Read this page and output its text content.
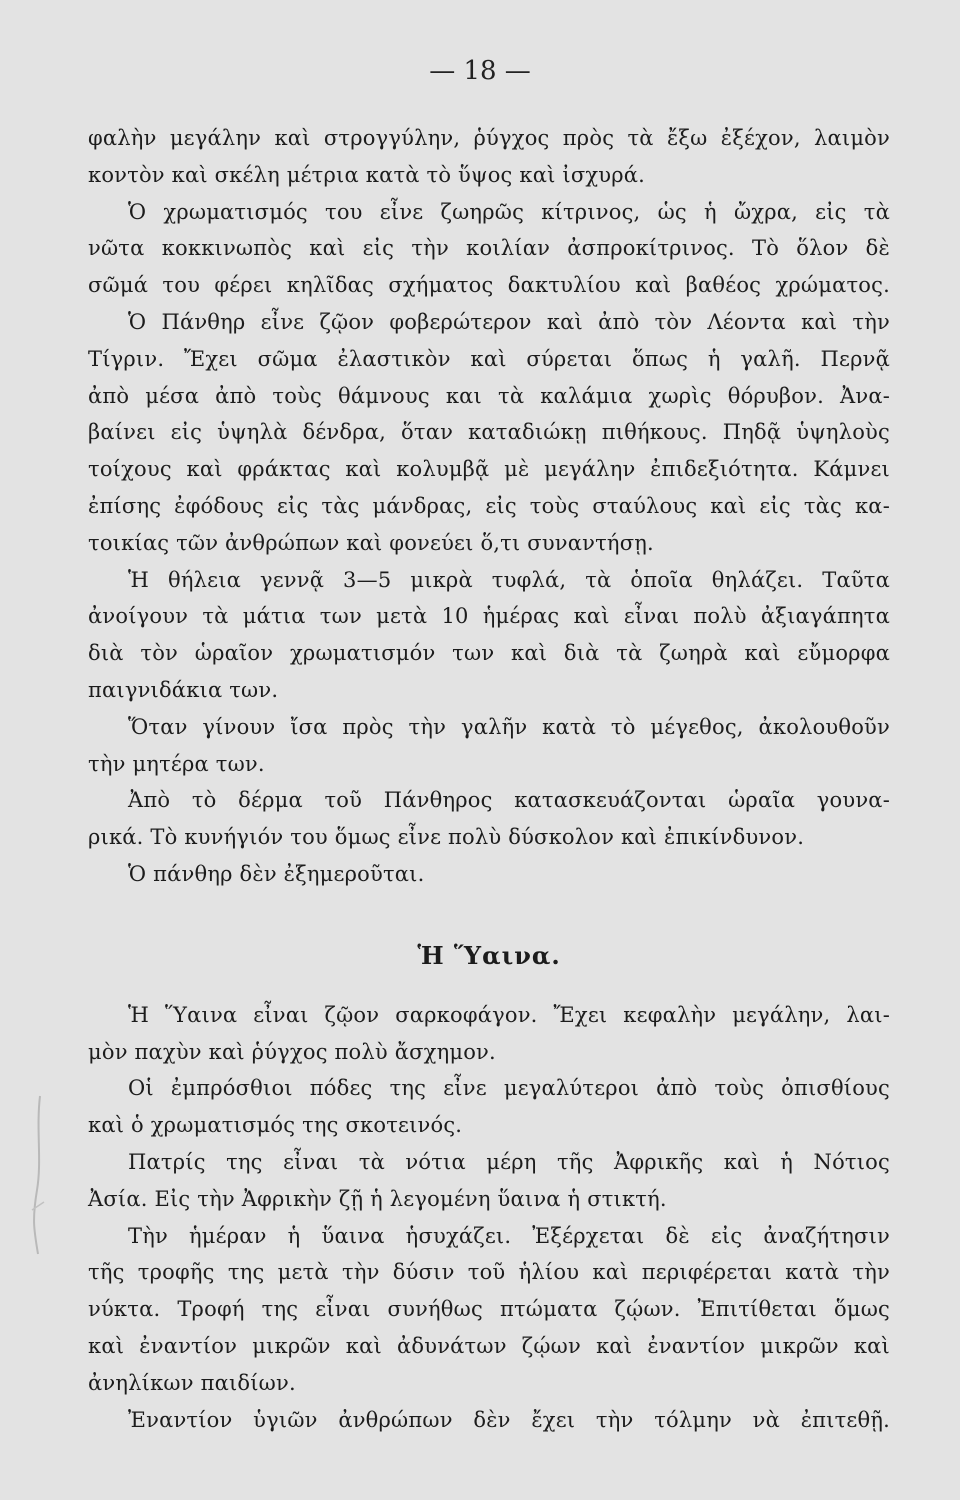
— 18 —
φαλὴν μεγάλην καὶ στρογγύλην, ῥύγχος πρὸς τὰ ἔξω ἐξέχον, λαιμὸν
κοντὸν καὶ σκέλη μέτρια κατὰ τὸ ὕψος καὶ ἰσχυρά.
Ὁ χρωματισμός του εἶνε ζωηρῶς κίτρινος, ὡς ἡ ὤχρα, εἰς τὰ
νῶτα κοκκινωπὸς καὶ εἰς τὴν κοιλίαν ἀσπροκίτρινος. Τὸ ὅλον δὲ
σῶμά του φέρει κηλῖδας σχήματος δακτυλίου καὶ βαθέος χρώματος.
Ὁ Πάνθηρ εἶνε ζῷον φοβερώτερον καὶ ἀπὸ τὸν Λέοντα καὶ τὴν
Τίγριν. Ἔχει σῶμα ἐλαστικὸν καὶ σύρεται ὅπως ἡ γαλῆ. Περνᾷ
ἀπὸ μέσα ἀπὸ τοὺς θάμνους και τὰ καλάμια χωρὶς θόρυβον. Ἀνα-
βαίνει εἰς ὑψηλὰ δένδρα, ὅταν καταδιώκῃ πιθήκους. Πηδᾷ ὑψηλοὺς
τοίχους καὶ φράκτας καὶ κολυμβᾷ μὲ μεγάλην ἐπιδεξιότητα. Κάμνει
ἐπίσης ἐφόδους εἰς τὰς μάνδρας, εἰς τοὺς σταύλους καὶ εἰς τὰς κα-
τοικίας τῶν ἀνθρώπων καὶ φονεύει ὅ,τι συναντήσῃ.
Ἡ θήλεια γεννᾷ 3—5 μικρὰ τυφλά, τὰ ὁποῖα θηλάζει. Ταῦτα
ἀνοίγουν τὰ μάτια των μετὰ 10 ἡμέρας καὶ εἶναι πολὺ ἀξιαγάπητα
διὰ τὸν ὡραῖον χρωματισμόν των καὶ διὰ τὰ ζωηρὰ καὶ εὔμορφα
παιγνιδάκια των.
Ὅταν γίνουν ἴσα πρὸς τὴν γαλῆν κατὰ τὸ μέγεθος, ἀκολουθοῦν
τὴν μητέρα των.
Ἀπὸ τὸ δέρμα τοῦ Πάνθηρος κατασκευάζονται ὡραῖα γουνα-
ρικά. Τὸ κυνήγιόν του ὅμως εἶνε πολὺ δύσκολον καὶ ἐπικίνδυνον.
Ὁ πάνθηρ δὲν ἐξημεροῦται.
Ἡ Ὕαινα.
Ἡ Ὕαινα εἶναι ζῷον σαρκοφάγον. Ἔχει κεφαλὴν μεγάλην, λαι-
μὸν παχὺν καὶ ῥύγχος πολὺ ἄσχημον.
Οἱ ἐμπρόσθιοι πόδες της εἶνε μεγαλύτεροι ἀπὸ τοὺς ὀπισθίους
καὶ ὁ χρωματισμός της σκοτεινός.
Πατρίς της εἶναι τὰ νότια μέρη τῆς Ἀφρικῆς καὶ ἡ Νότιος
Ἀσία. Εἰς τὴν Ἀφρικὴν ζῇ ἡ λεγομένη ὕαινα ἡ στικτή.
Τὴν ἡμέραν ἡ ὕαινα ἡσυχάζει. Ἐξέρχεται δὲ εἰς ἀναζήτησιν
τῆς τροφῆς της μετὰ τὴν δύσιν τοῦ ἡλίου καὶ περιφέρεται κατὰ τὴν
νύκτα. Τροφή της εἶναι συνήθως πτώματα ζῴων. Ἐπιτίθεται ὅμως
καὶ ἐναντίον μικρῶν καὶ ἀδυνάτων ζῴων καὶ ἐναντίον μικρῶν καὶ
ἀνηλίκων παιδίων.
Ἐναντίον ὑγιῶν ἀνθρώπων δὲν ἔχει τὴν τόλμην νὰ ἐπιτεθῇ.
